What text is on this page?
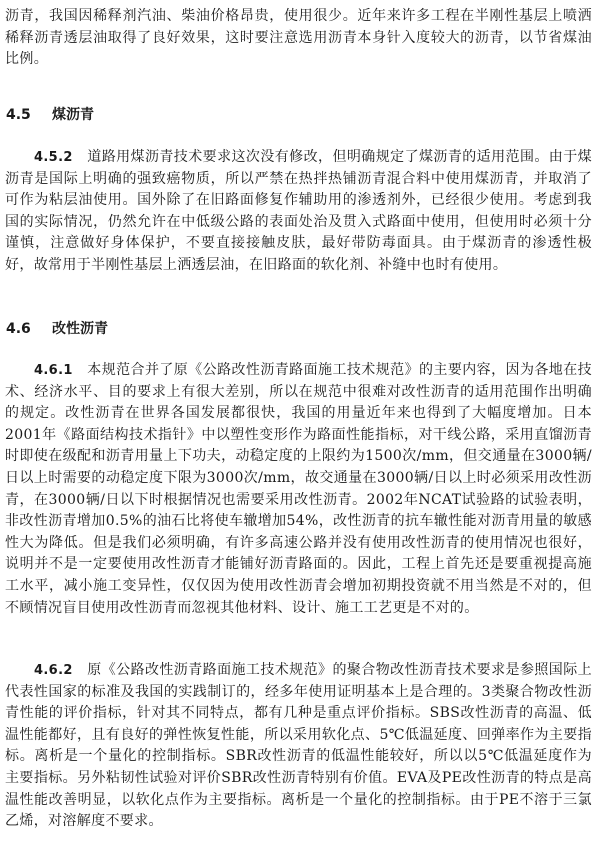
沥青，我国因稀释剂汽油、柴油价格昂贵，使用很少。近年来许多工程在半刚性基层上喷洒稀释沥青透层油取得了良好效果，这时要注意选用沥青本身针入度较大的沥青，以节省煤油比例。

4.5 煤沥青

4.5.2　 道路用煤沥青技术要求这次没有修改，但明确规定了煤沥青的适用范围。由于煤沥青是国际上明确的强致癌物质，所以严禁在热拌热铺沥青混合料中使用煤沥青，并取消了可作为粘层油使用。国外除了在旧路面修复作辅助用的渗透剂外，已经很少使用。考虑到我国的实际情况，仍然允许在中低级公路的表面处治及贯入式路面中使用，但使用时必须十分谨慎，注意做好身体保护，不要直接接触皮肤，最好带防毒面具。由于煤沥青的渗透性极好，故常用于半刚性基层上洒透层油，在旧路面的软化剂、补缝中也时有使用。

4.6 改性沥青

4.6.1　 本规范合并了原《公路改性沥青路面施工技术规范》的主要内容，因为各地在技术、经济水平、目的要求上有很大差别，所以在规范中很难对改性沥青的适用范围作出明确的规定。改性沥青在世界各国发展都很快，我国的用量近年来也得到了大幅度增加。日本2001年《路面结构技术指针》中以塑性变形作为路面性能指标，对干线公路，采用直馏沥青时即使在级配和沥青用量上下功夫，动稳定度的上限约为1500次/mm，但交通量在3000辆/日以上时需要的动稳定度下限为3000次/mm，故交通量在3000辆/日以上时必须采用改性沥青，在3000辆/日以下时根据情况也需要采用改性沥青。2002年NCAT试验路的试验表明，非改性沥青增加0.5%的油石比将使车辙增加54%，改性沥青的抗车辙性能对沥青用量的敏感性大为降低。但是我们必须明确，有许多高速公路并没有使用改性沥青的使用情况也很好，说明并不是一定要使用改性沥青才能铺好沥青路面的。因此，工程上首先还是要重视提高施工水平，减小施工变异性，仅仅因为使用改性沥青会增加初期投资就不用当然是不对的，但不顾情况盲目使用改性沥青而忽视其他材料、设计、施工工艺更是不对的。

4.6.2　 原《公路改性沥青路面施工技术规范》的聚合物改性沥青技术要求是参照国际上代表性国家的标准及我国的实践制订的，经多年使用证明基本上是合理的。3类聚合物改性沥青性能的评价指标，针对其不同特点，都有几种是重点评价指标。SBS改性沥青的高温、低温性能都好，且有良好的弹性恢复性能，所以采用软化点、5℃低温延度、回弹率作为主要指标。离析是一个量化的控制指标。SBR改性沥青的低温性能较好，所以以5℃低温延度作为主要指标。另外粘韧性试验对评价SBR改性沥青特别有价值。EVA及PE改性沥青的特点是高温性能改善明显，以软化点作为主要指标。离析是一个量化的控制指标。由于PE不溶于三氯乙烯，对溶解度不要求。
